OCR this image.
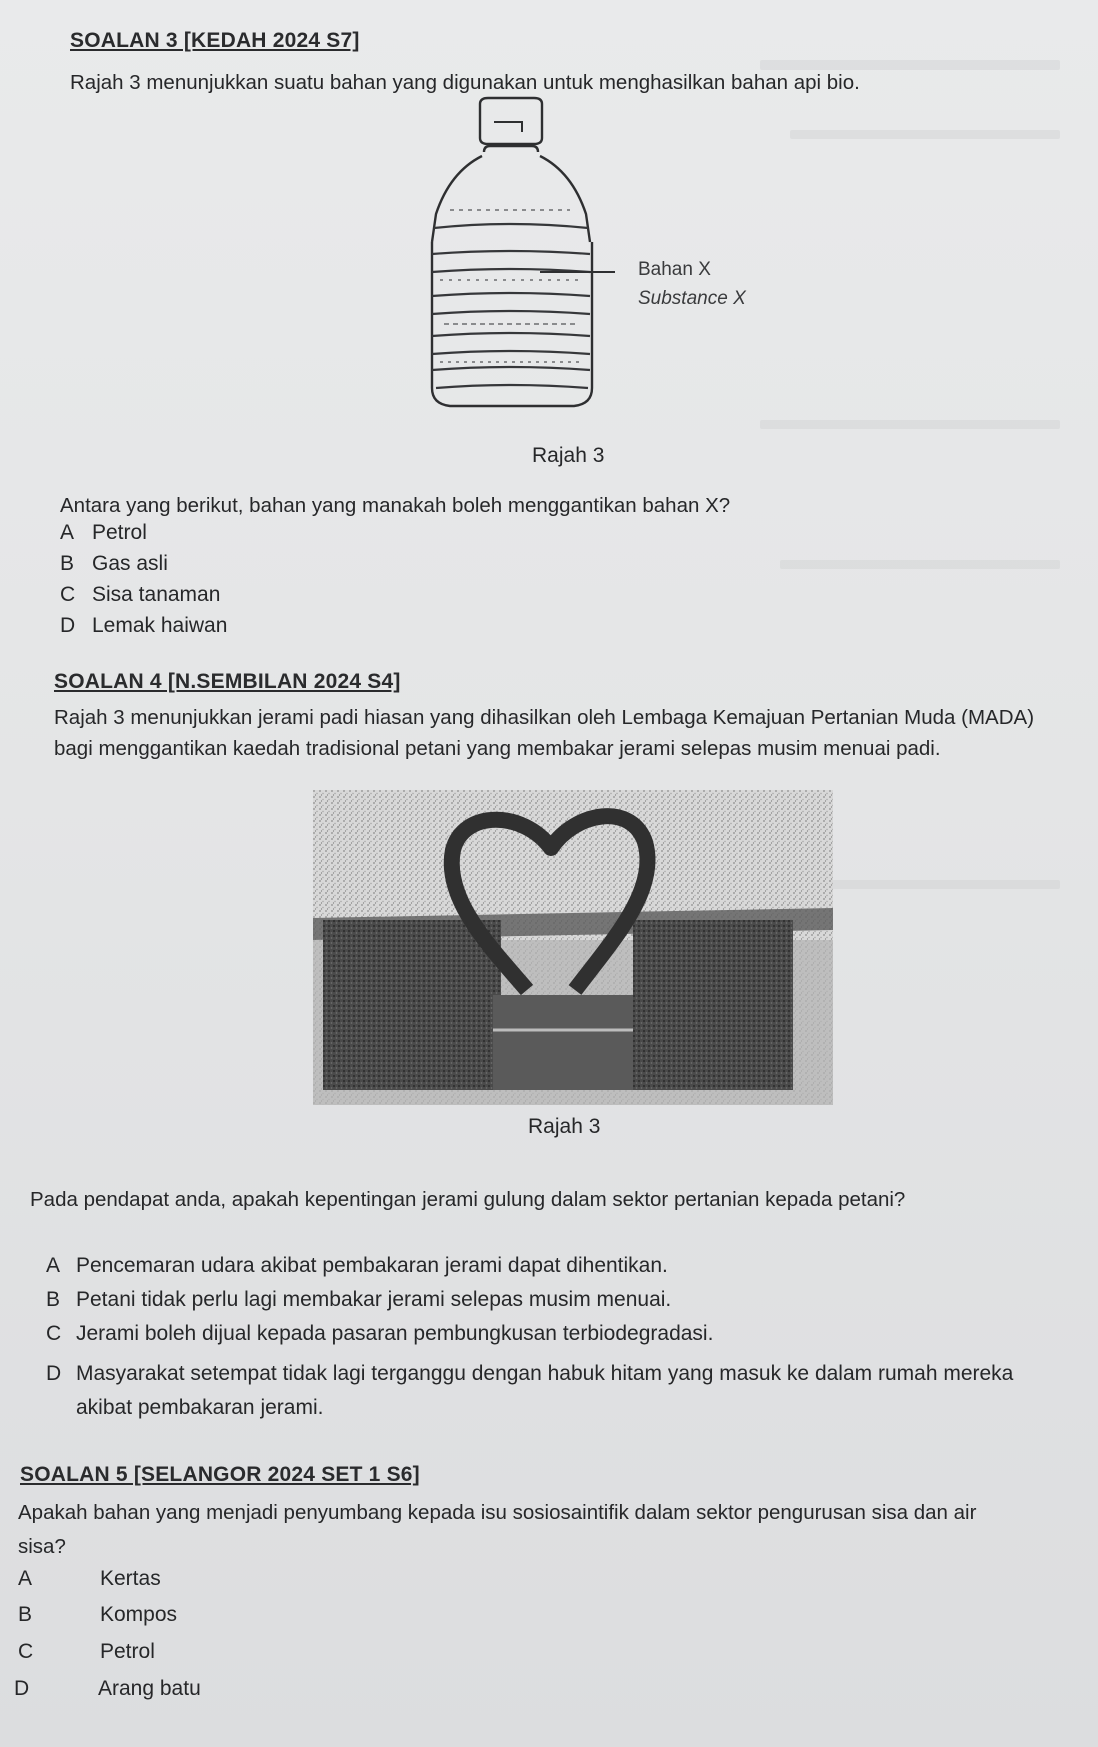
SOALAN 3 [KEDAH 2024 S7]
Rajah 3 menunjukkan suatu bahan yang digunakan untuk menghasilkan bahan api bio.
Bahan X
Substance X
Rajah 3
Antara yang berikut, bahan yang manakah boleh menggantikan bahan X?
A Petrol
B Gas asli
C Sisa tanaman
D Lemak haiwan
SOALAN 4 [N.SEMBILAN 2024 S4]
Rajah 3 menunjukkan jerami padi hiasan yang dihasilkan oleh Lembaga Kemajuan Pertanian Muda (MADA) bagi menggantikan kaedah tradisional petani yang membakar jerami selepas musim menuai padi.
Rajah 3
Pada pendapat anda, apakah kepentingan jerami gulung dalam sektor pertanian kepada petani?
A Pencemaran udara akibat pembakaran jerami dapat dihentikan.
B Petani tidak perlu lagi membakar jerami selepas musim menuai.
C Jerami boleh dijual kepada pasaran pembungkusan terbiodegradasi.
D Masyarakat setempat tidak lagi terganggu dengan habuk hitam yang masuk ke dalam rumah mereka akibat pembakaran jerami.
SOALAN 5 [SELANGOR 2024 SET 1 S6]
Apakah bahan yang menjadi penyumbang kepada isu sosiosaintifik dalam sektor pengurusan sisa dan air sisa?
A	Kertas
B	Kompos
C	Petrol
D	Arang batu
